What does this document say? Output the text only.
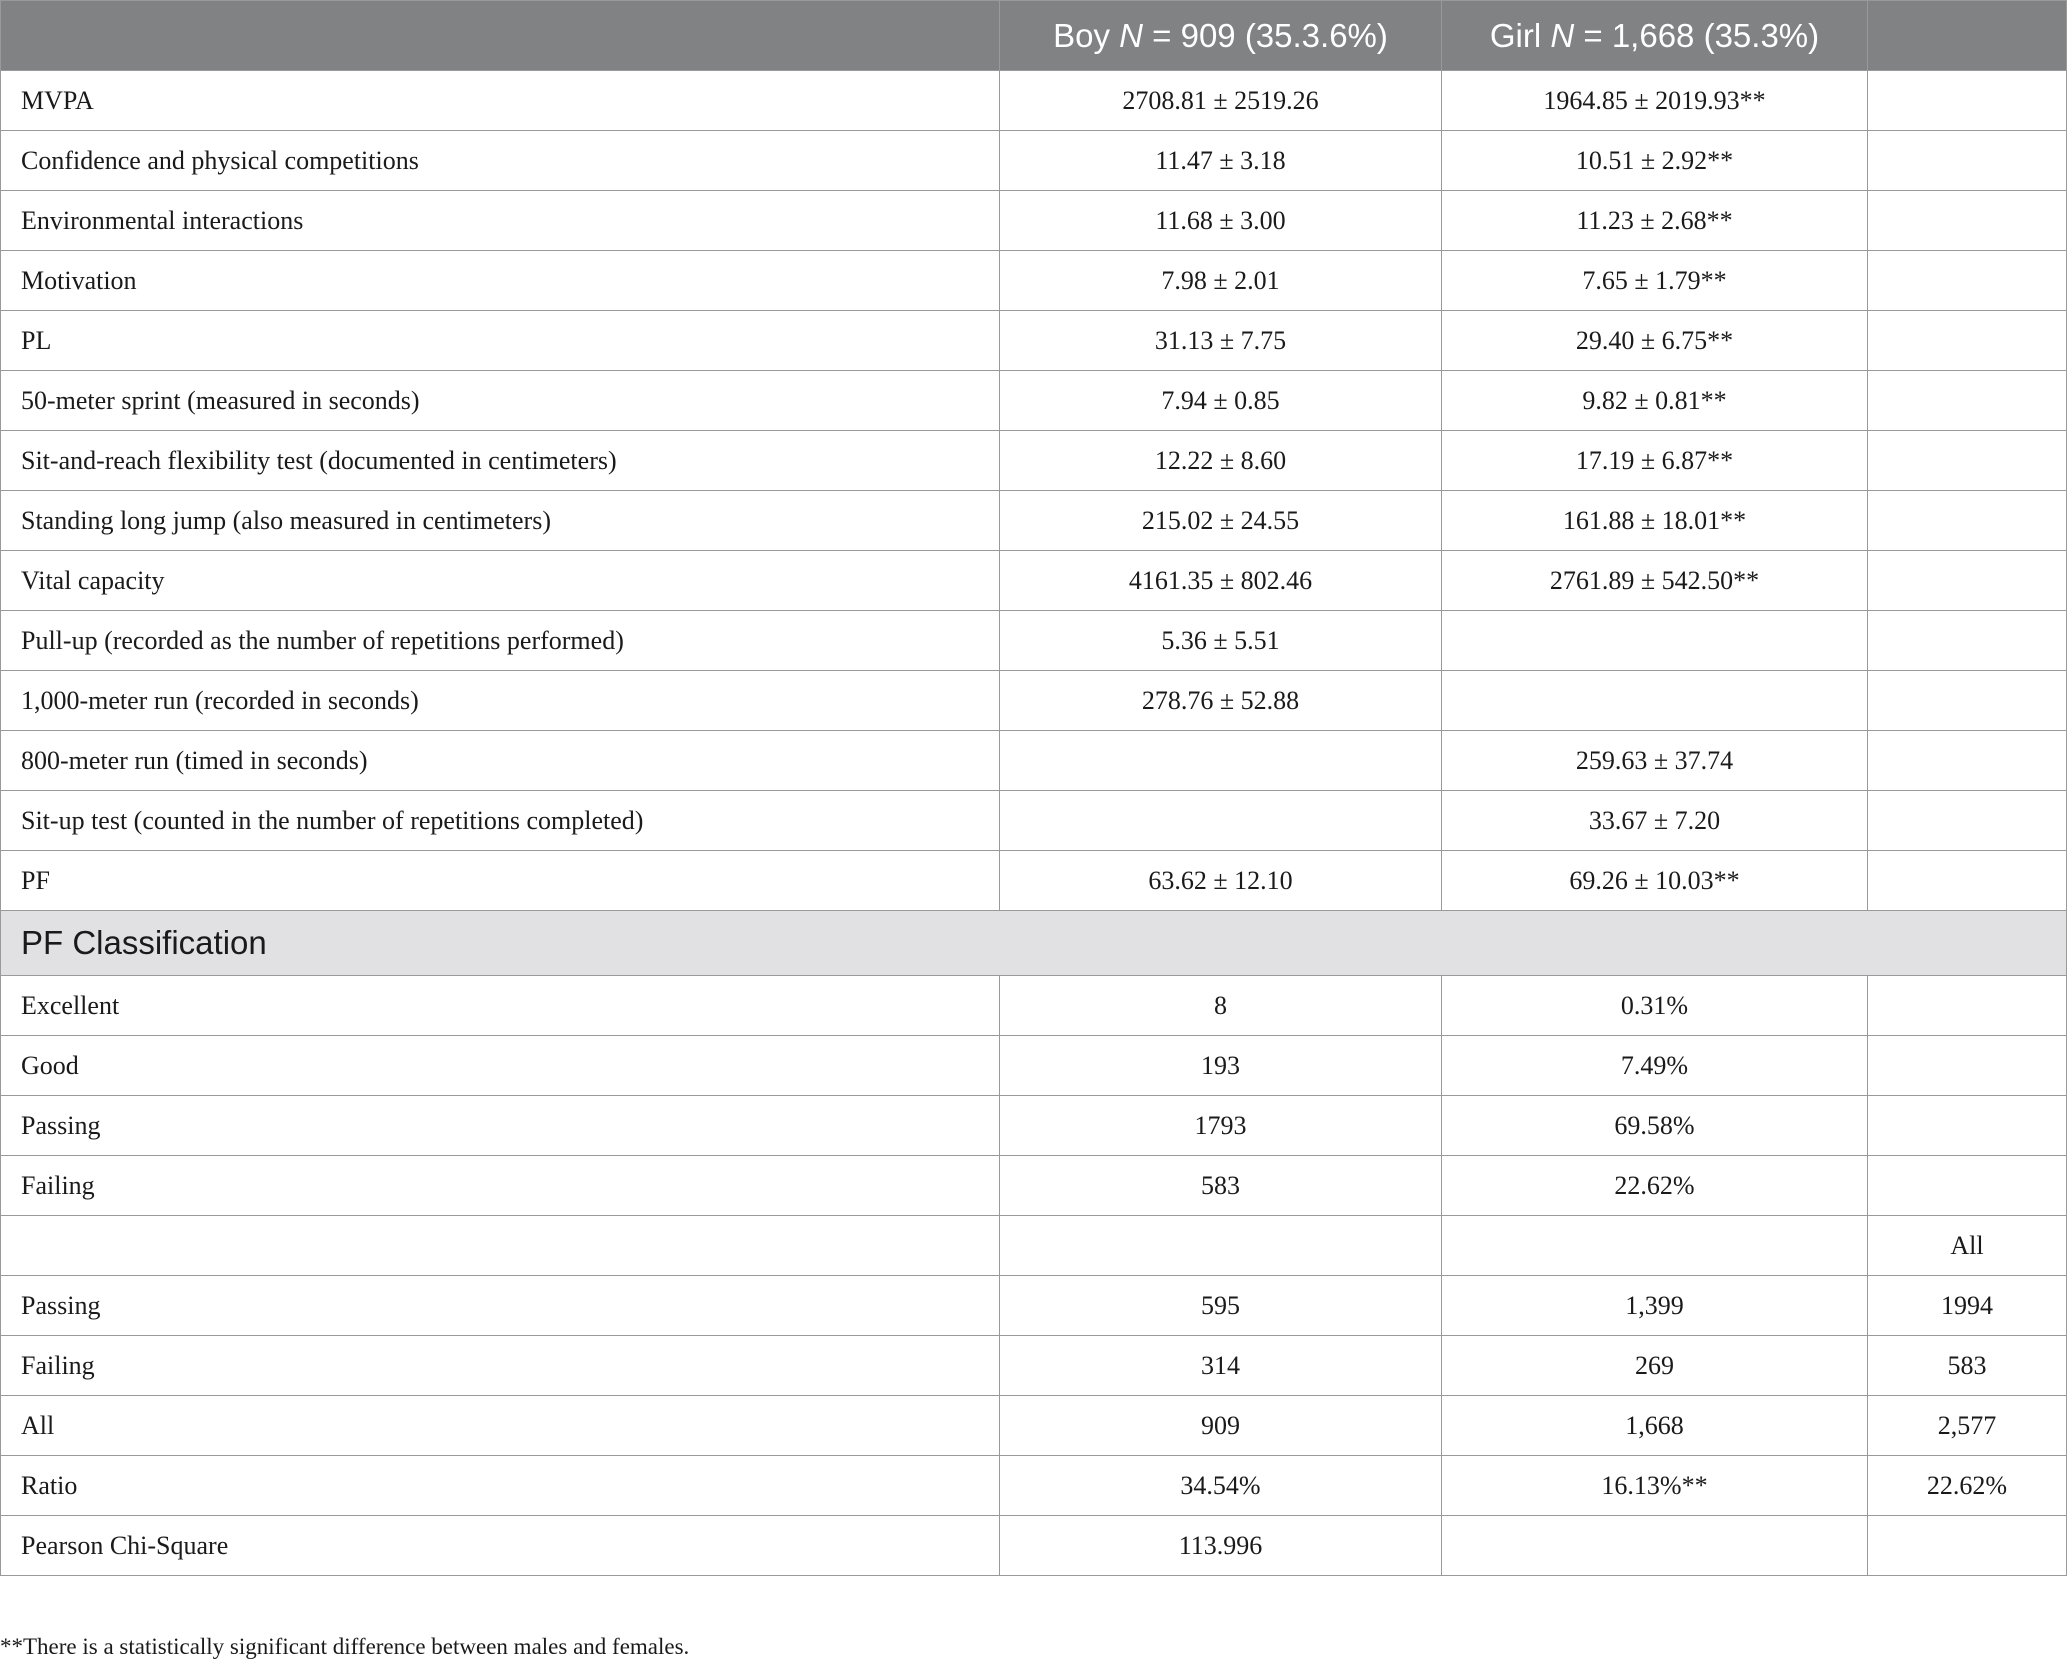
	Boy N = 909 (35.3.6%)	Girl N = 1,668 (35.3%)	
MVPA	2708.81 ± 2519.26	1964.85 ± 2019.93**	
Confidence and physical competitions	11.47 ± 3.18	10.51 ± 2.92**	
Environmental interactions	11.68 ± 3.00	11.23 ± 2.68**	
Motivation	7.98 ± 2.01	7.65 ± 1.79**	
PL	31.13 ± 7.75	29.40 ± 6.75**	
50-meter sprint (measured in seconds)	7.94 ± 0.85	9.82 ± 0.81**	
Sit-and-reach flexibility test (documented in centimeters)	12.22 ± 8.60	17.19 ± 6.87**	
Standing long jump (also measured in centimeters)	215.02 ± 24.55	161.88 ± 18.01**	
Vital capacity	4161.35 ± 802.46	2761.89 ± 542.50**	
Pull-up (recorded as the number of repetitions performed)	5.36 ± 5.51		
1,000-meter run (recorded in seconds)	278.76 ± 52.88		
800-meter run (timed in seconds)		259.63 ± 37.74	
Sit-up test (counted in the number of repetitions completed)		33.67 ± 7.20	
PF	63.62 ± 12.10	69.26 ± 10.03**	
PF Classification			
Excellent	8	0.31%	
Good	193	7.49%	
Passing	1793	69.58%	
Failing	583	22.62%	
			All
Passing	595	1,399	1994
Failing	314	269	583
All	909	1,668	2,577
Ratio	34.54%	16.13%**	22.62%
Pearson Chi-Square	113.996		
**There is a statistically significant difference between males and females.
